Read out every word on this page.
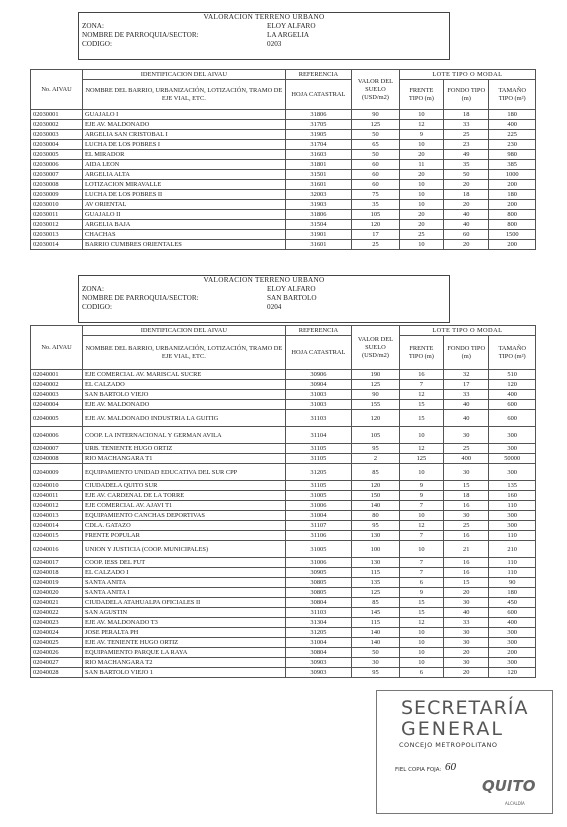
VALORACION TERRENO URBANO
ZONA:	ELOY ALFARO
NOMBRE DE PARROQUIA/SECTOR:	LA ARGELIA
CODIGO:	0203
No. AIVAU	IDENTIFICACION DEL AIVAU	REFERENCIA	VALOR DEL SUELO (USD/m2)	LOTE TIPO O MODAL		
	NOMBRE DEL BARRIO, URBANIZACIÓN, LOTIZACIÓN, TRAMO DE EJE VIAL, ETC.	HOJA CATASTRAL		FRENTE TIPO (m)	FONDO TIPO (m)	TAMAÑO TIPO (m²)
02030001	GUAJALO I	31806	90	10	18	180
02030002	EJE AV. MALDONADO	31705	125	12	33	400
02030003	ARGELIA SAN CRISTOBAL I	31905	50	9	25	225
02030004	LUCHA DE LOS POBRES I	31704	65	10	23	230
02030005	EL MIRADOR	31603	50	20	49	980
02030006	AIDA LEON	31801	60	11	35	385
02030007	ARGELIA ALTA	31501	60	20	50	1000
02030008	LOTIZACION MIRAVALLE	31601	60	10	20	200
02030009	LUCHA DE LOS POBRES II	32003	75	10	18	180
02030010	AV ORIENTAL	31903	35	10	20	200
02030011	GUAJALO II	31806	105	20	40	800
02030012	ARGELIA BAJA	31504	120	20	40	800
02030013	CHACHAS	31901	17	25	60	1500
02030014	BARRIO CUMBRES ORIENTALES	31601	25	10	20	200
VALORACION TERRENO URBANO
ZONA:	ELOY ALFARO
NOMBRE DE PARROQUIA/SECTOR:	SAN BARTOLO
CODIGO:	0204
No. AIVAU	IDENTIFICACION DEL AIVAU	REFERENCIA	VALOR DEL SUELO (USD/m2)	LOTE TIPO O MODAL		
	NOMBRE DEL BARRIO, URBANIZACIÓN, LOTIZACIÓN, TRAMO DE EJE VIAL, ETC.	HOJA CATASTRAL		FRENTE TIPO (m)	FONDO TIPO (m)	TAMAÑO TIPO (m²)
02040001	EJE COMERCIAL AV. MARISCAL SUCRE	30906	190	16	32	510
02040002	EL CALZADO	30904	125	7	17	120
02040003	SAN BARTOLO VIEJO	31003	90	12	33	400
02040004	EJE AV. MALDONADO	31003	155	15	40	600
02040005	EJE AV. MALDONADO INDUSTRIA LA GUITIG	31103	120	15	40	600
02040006	COOP. LA INTERNACIONAL Y GERMAN AVILA	31104	105	10	30	300
02040007	URB. TENIENTE HUGO ORTIZ	31105	95	12	25	300
02040008	RIO MACHANGARA T1	31105	2	125	400	50000
02040009	EQUIPAMIENTO UNIDAD EDUCATIVA DEL SUR CPP	31205	85	10	30	300
02040010	CIUDADELA QUITO SUR	31105	120	9	15	135
02040011	EJE AV. CARDENAL DE LA TORRE	31005	150	9	18	160
02040012	EJE COMERCIAL AV. AJAVI T1	31006	140	7	16	110
02040013	EQUIPAMIENTO CANCHAS DEPORTIVAS	31004	80	10	30	300
02040014	CDLA. GATAZO	31107	95	12	25	300
02040015	FRENTE POPULAR	31106	130	7	16	110
02040016	UNION Y JUSTICIA (COOP. MUNICIPALES)	31005	100	10	21	210
02040017	COOP. IESS DEL FUT	31006	130	7	16	110
02040018	EL CALZADO I	30905	115	7	16	110
02040019	SANTA ANITA	30805	135	6	15	90
02040020	SANTA ANITA I	30805	125	9	20	180
02040021	CIUDADELA ATAHUALPA OFICIALES II	30804	85	15	30	450
02040022	SAN AGUSTIN	31103	145	15	40	600
02040023	EJE AV. MALDONADO T3	31304	115	12	33	400
02040024	JOSE PERALTA PH	31205	140	10	30	300
02040025	EJE AV. TENIENTE HUGO ORTIZ	31004	140	10	30	300
02040026	EQUIPAMIENTO PARQUE LA RAYA	30804	50	10	20	200
02040027	RIO MACHANGARA T2	30903	30	10	30	300
02040028	SAN BARTOLO VIEJO 1	30903	95	6	20	120
SECRETARÍA
GENERAL
CONCEJO METROPOLITANO
FIEL COPIA FOJA: 60
QUITO
ALCALDÍA
